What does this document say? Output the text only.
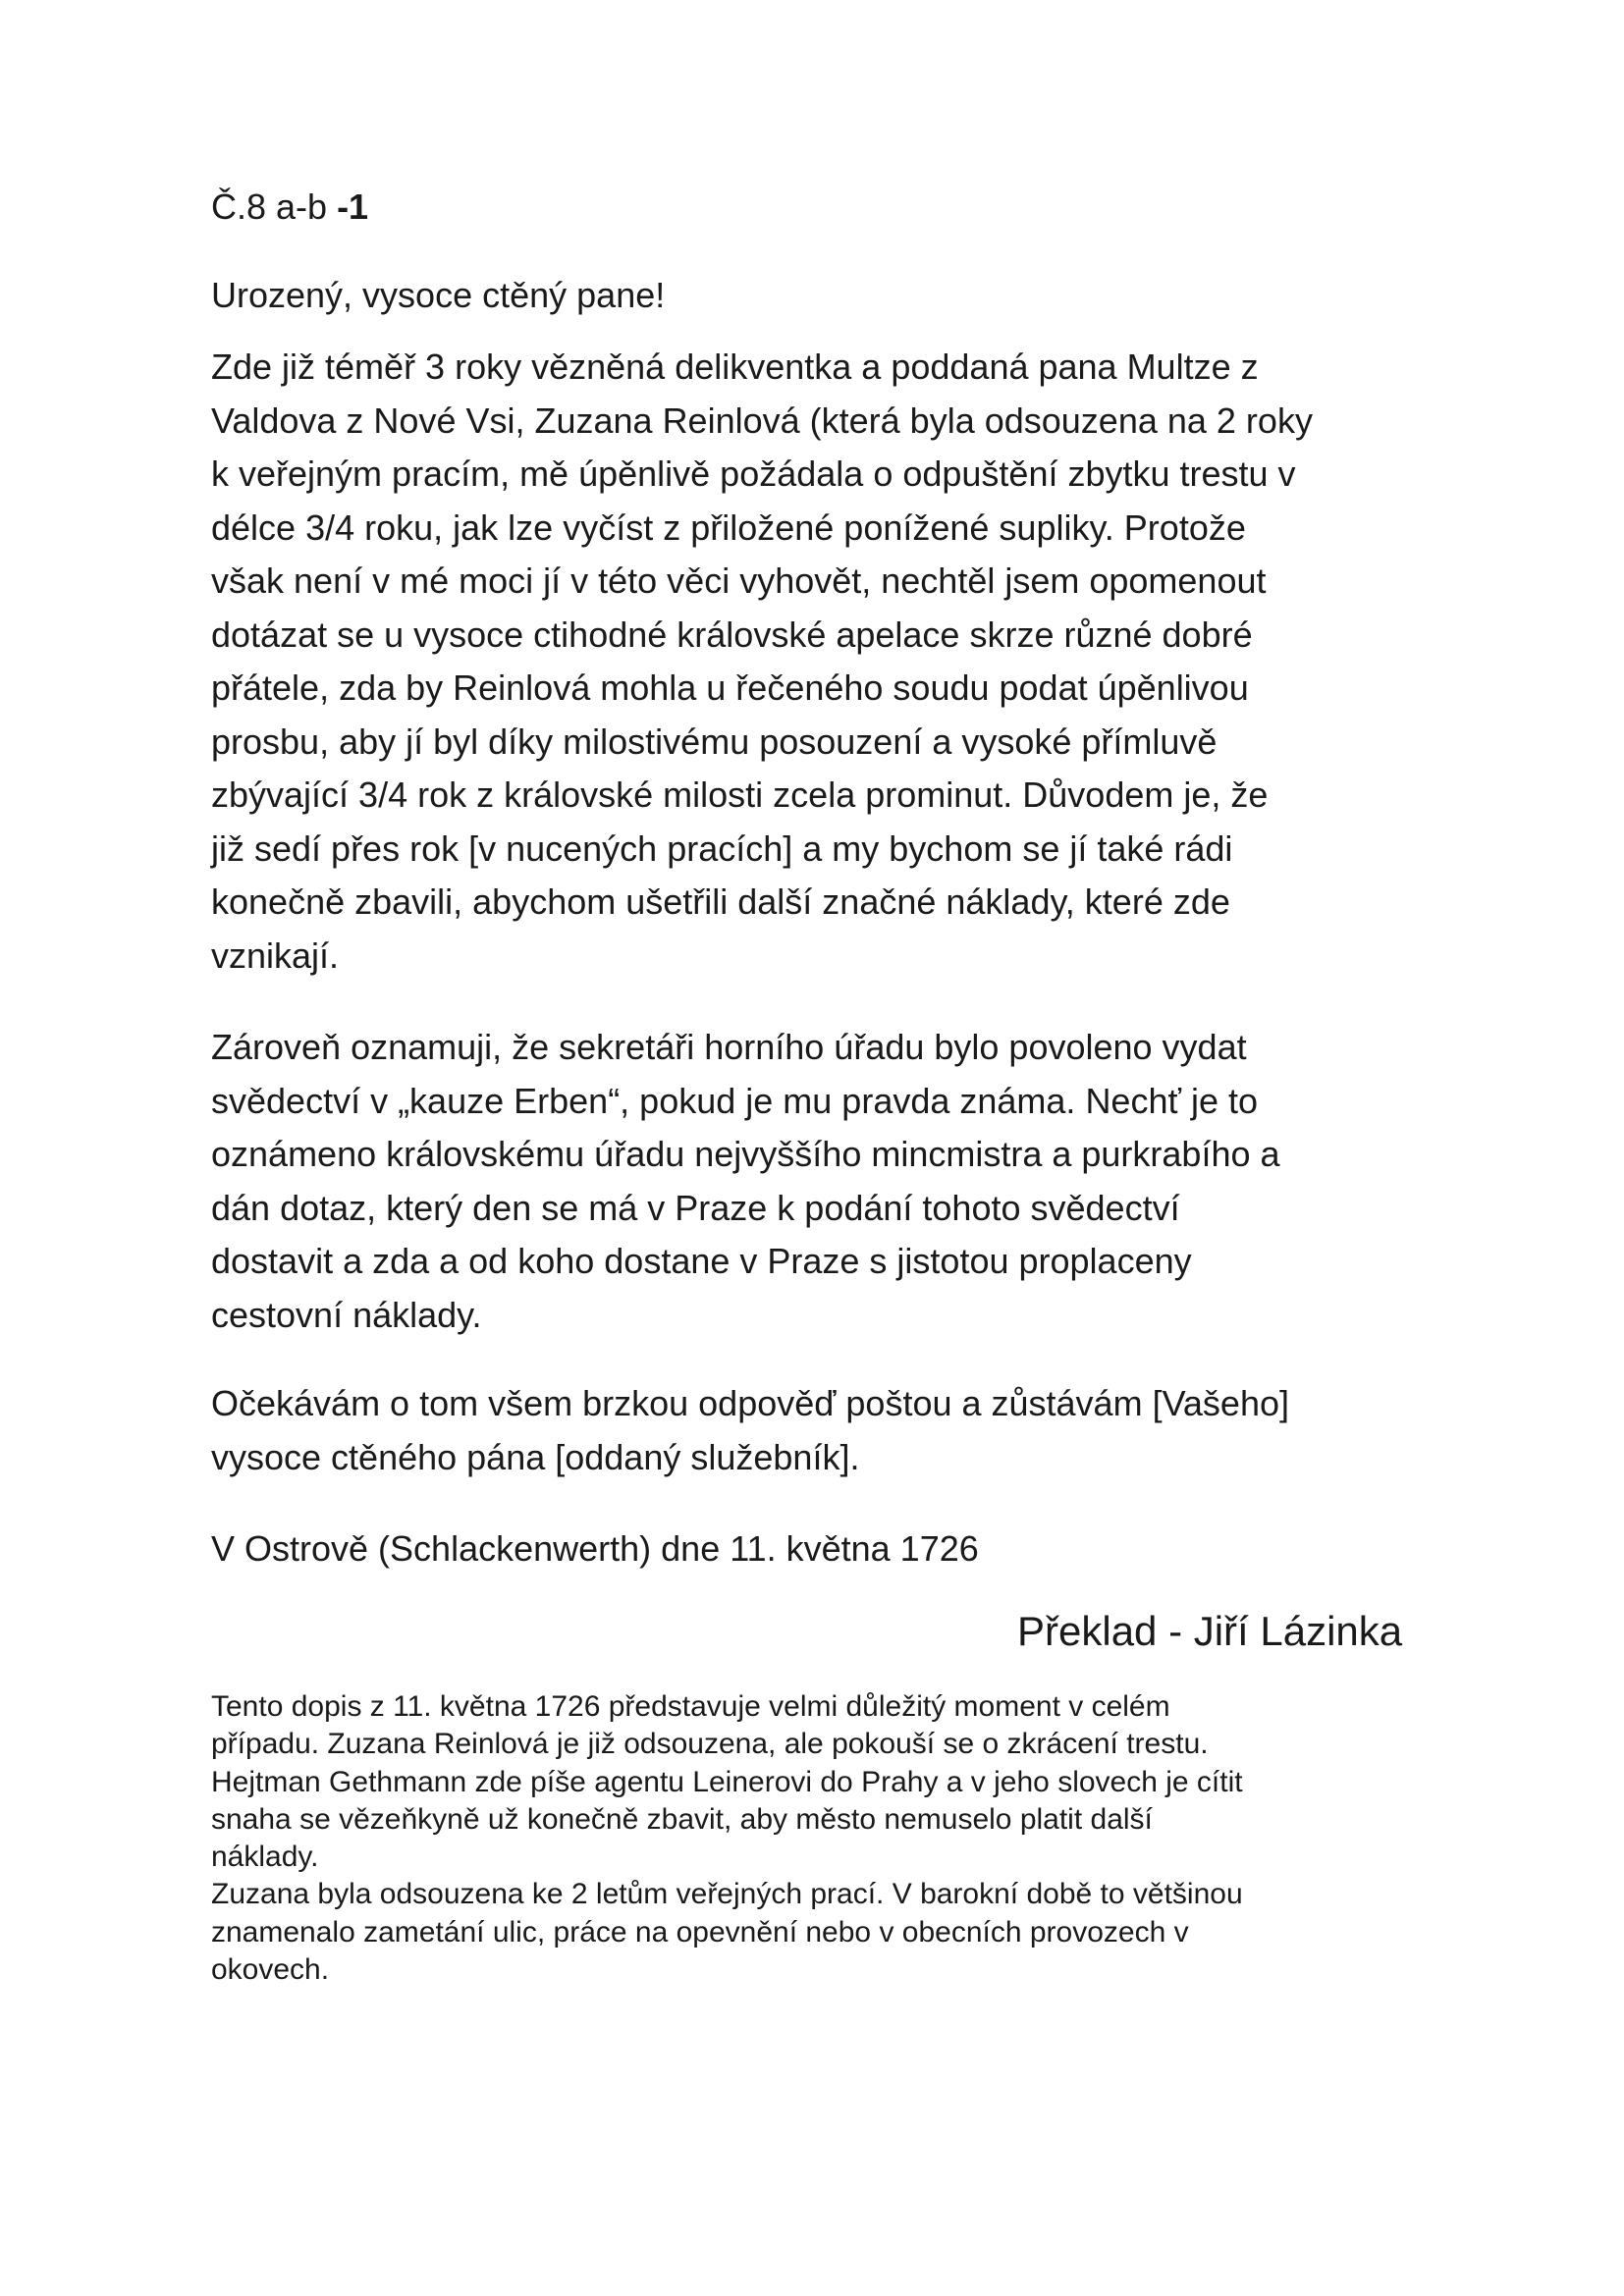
Č.8 a-b -1
Urozený, vysoce ctěný pane!

Zde již téměř 3 roky vězněná delikventka a poddaná pana Multze z
Valdova z Nové Vsi, Zuzana Reinlová (která byla odsouzena na 2 roky
k veřejným pracím, mě úpěnlivě požádala o odpuštění zbytku trestu v
délce 3/4 roku, jak lze vyčíst z přiložené ponížené supliky. Protože
však není v mé moci jí v této věci vyhovět, nechtěl jsem opomenout
dotázat se u vysoce ctihodné královské apelace skrze různé dobré
přátele, zda by Reinlová mohla u řečeného soudu podat úpěnlivou
prosbu, aby jí byl díky milostivému posouzení a vysoké přímluvě
zbývající 3/4 rok z královské milosti zcela prominut. Důvodem je, že
již sedí přes rok [v nucených pracích] a my bychom se jí také rádi
konečně zbavili, abychom ušetřili další značné náklady, které zde
vznikají.

Zároveň oznamuji, že sekretáři horního úřadu bylo povoleno vydat
svědectví v „kauze Erben“, pokud je mu pravda známa. Nechť je to
oznámeno královskému úřadu nejvyššího mincmistra a purkrabího a
dán dotaz, který den se má v Praze k podání tohoto svědectví
dostavit a zda a od koho dostane v Praze s jistotou proplaceny
cestovní náklady.

Očekávám o tom všem brzkou odpověď poštou a zůstávám [Vašeho]
vysoce ctěného pána [oddaný služebník].

V Ostrově (Schlackenwerth) dne 11. května 1726
Překlad - Jiří Lázinka
Tento dopis z 11. května 1726 představuje velmi důležitý moment v celém
případu. Zuzana Reinlová je již odsouzena, ale pokouší se o zkrácení trestu.
Hejtman Gethmann zde píše agentu Leinerovi do Prahy a v jeho slovech je cítit
snaha se vězeňkyně už konečně zbavit, aby město nemuselo platit další
náklady.
Zuzana byla odsouzena ke 2 letům veřejných prací. V barokní době to většinou
znamenalo zametání ulic, práce na opevnění nebo v obecních provozech v
okovech.
